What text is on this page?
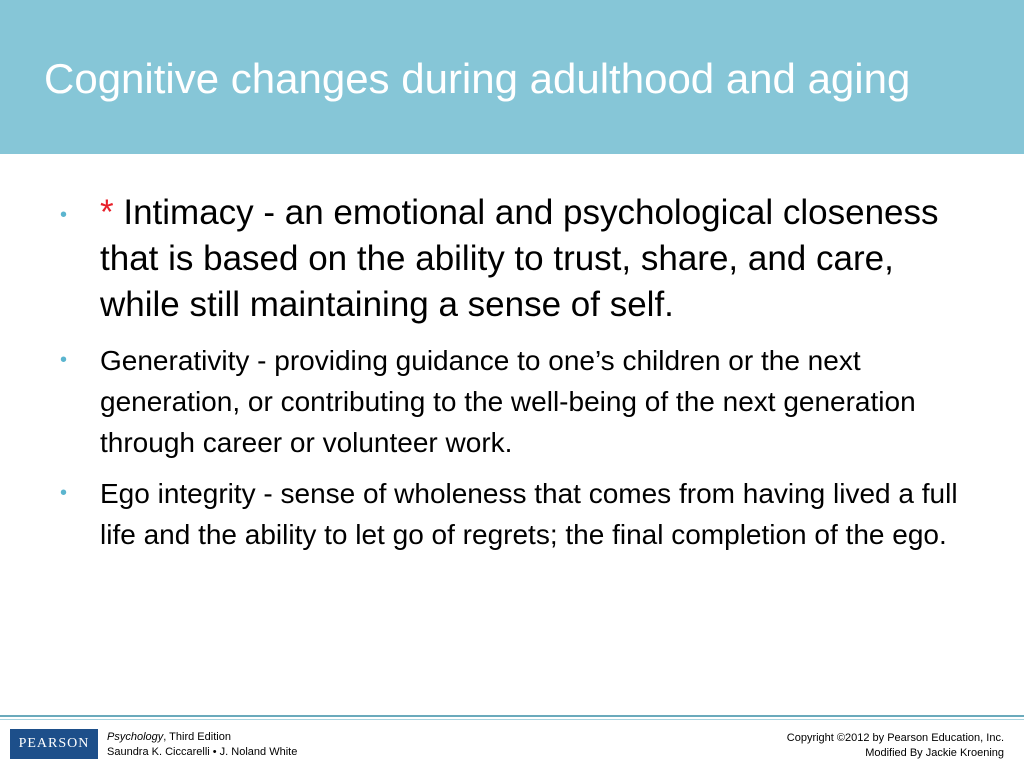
Cognitive changes during adulthood and aging
• * Intimacy - an emotional and psychological closeness that is based on the ability to trust, share, and care, while still maintaining a sense of self.
• Generativity - providing guidance to one’s children or the next generation, or contributing to the well-being of the next generation through career or volunteer work.
• Ego integrity - sense of wholeness that comes from having lived a full life and the ability to let go of regrets; the final completion of the ego.
PEARSON Psychology, Third Edition
Saundra K. Ciccarelli • J. Noland White
Copyright ©2012 by Pearson Education, Inc.
Modified By Jackie Kroening
